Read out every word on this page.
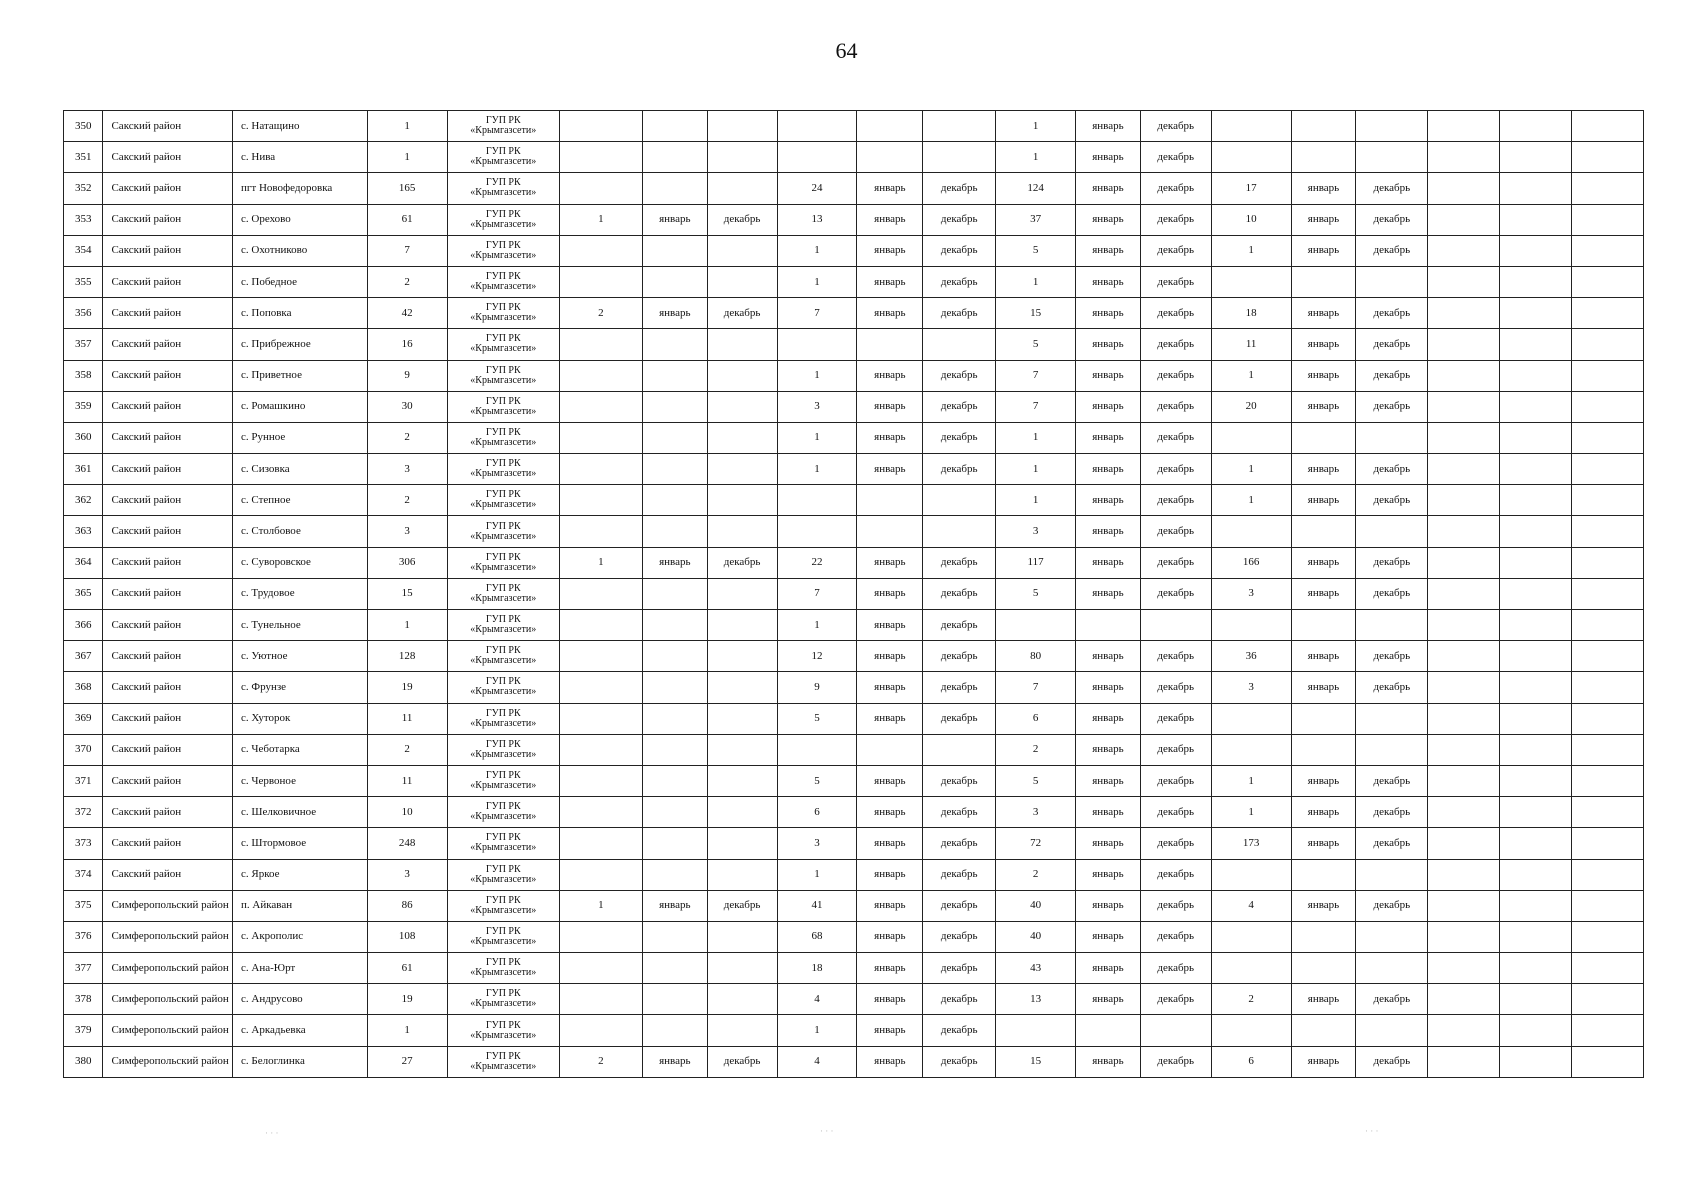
64
350	Сакский район	с. Натащино	1	ГУП РК
«Крымгазсети»							1	январь	декабрь						
351	Сакский район	с. Нива	1	ГУП РК
«Крымгазсети»							1	январь	декабрь						
352	Сакский район	пгт Новофедоровка	165	ГУП РК
«Крымгазсети»				24	январь	декабрь	124	январь	декабрь	17	январь	декабрь			
353	Сакский район	с. Орехово	61	ГУП РК
«Крымгазсети»	1	январь	декабрь	13	январь	декабрь	37	январь	декабрь	10	январь	декабрь			
354	Сакский район	с. Охотниково	7	ГУП РК
«Крымгазсети»				1	январь	декабрь	5	январь	декабрь	1	январь	декабрь			
355	Сакский район	с. Победное	2	ГУП РК
«Крымгазсети»				1	январь	декабрь	1	январь	декабрь						
356	Сакский район	с. Поповка	42	ГУП РК
«Крымгазсети»	2	январь	декабрь	7	январь	декабрь	15	январь	декабрь	18	январь	декабрь			
357	Сакский район	с. Прибрежное	16	ГУП РК
«Крымгазсети»							5	январь	декабрь	11	январь	декабрь			
358	Сакский район	с. Приветное	9	ГУП РК
«Крымгазсети»				1	январь	декабрь	7	январь	декабрь	1	январь	декабрь			
359	Сакский район	с. Ромашкино	30	ГУП РК
«Крымгазсети»				3	январь	декабрь	7	январь	декабрь	20	январь	декабрь			
360	Сакский район	с. Рунное	2	ГУП РК
«Крымгазсети»				1	январь	декабрь	1	январь	декабрь						
361	Сакский район	с. Сизовка	3	ГУП РК
«Крымгазсети»				1	январь	декабрь	1	январь	декабрь	1	январь	декабрь			
362	Сакский район	с. Степное	2	ГУП РК
«Крымгазсети»							1	январь	декабрь	1	январь	декабрь			
363	Сакский район	с. Столбовое	3	ГУП РК
«Крымгазсети»							3	январь	декабрь						
364	Сакский район	с. Суворовское	306	ГУП РК
«Крымгазсети»	1	январь	декабрь	22	январь	декабрь	117	январь	декабрь	166	январь	декабрь			
365	Сакский район	с. Трудовое	15	ГУП РК
«Крымгазсети»				7	январь	декабрь	5	январь	декабрь	3	январь	декабрь			
366	Сакский район	с. Тунельное	1	ГУП РК
«Крымгазсети»				1	январь	декабрь									
367	Сакский район	с. Уютное	128	ГУП РК
«Крымгазсети»				12	январь	декабрь	80	январь	декабрь	36	январь	декабрь			
368	Сакский район	с. Фрунзе	19	ГУП РК
«Крымгазсети»				9	январь	декабрь	7	январь	декабрь	3	январь	декабрь			
369	Сакский район	с. Хуторок	11	ГУП РК
«Крымгазсети»				5	январь	декабрь	6	январь	декабрь						
370	Сакский район	с. Чеботарка	2	ГУП РК
«Крымгазсети»							2	январь	декабрь						
371	Сакский район	с. Червоное	11	ГУП РК
«Крымгазсети»				5	январь	декабрь	5	январь	декабрь	1	январь	декабрь			
372	Сакский район	с. Шелковичное	10	ГУП РК
«Крымгазсети»				6	январь	декабрь	3	январь	декабрь	1	январь	декабрь			
373	Сакский район	с. Штормовое	248	ГУП РК
«Крымгазсети»				3	январь	декабрь	72	январь	декабрь	173	январь	декабрь			
374	Сакский район	с. Яркое	3	ГУП РК
«Крымгазсети»				1	январь	декабрь	2	январь	декабрь						
375	Симферопольский район	п. Айкаван	86	ГУП РК
«Крымгазсети»	1	январь	декабрь	41	январь	декабрь	40	январь	декабрь	4	январь	декабрь			
376	Симферопольский район	с. Акрополис	108	ГУП РК
«Крымгазсети»				68	январь	декабрь	40	январь	декабрь						
377	Симферопольский район	с. Ана-Юрт	61	ГУП РК
«Крымгазсети»				18	январь	декабрь	43	январь	декабрь						
378	Симферопольский район	с. Андрусово	19	ГУП РК
«Крымгазсети»				4	январь	декабрь	13	январь	декабрь	2	январь	декабрь			
379	Симферопольский район	с. Аркадьевка	1	ГУП РК
«Крымгазсети»				1	январь	декабрь									
380	Симферопольский район	с. Белоглинка	27	ГУП РК
«Крымгазсети»	2	январь	декабрь	4	январь	декабрь	15	январь	декабрь	6	январь	декабрь			
· · ·	· · ·	· · ·
